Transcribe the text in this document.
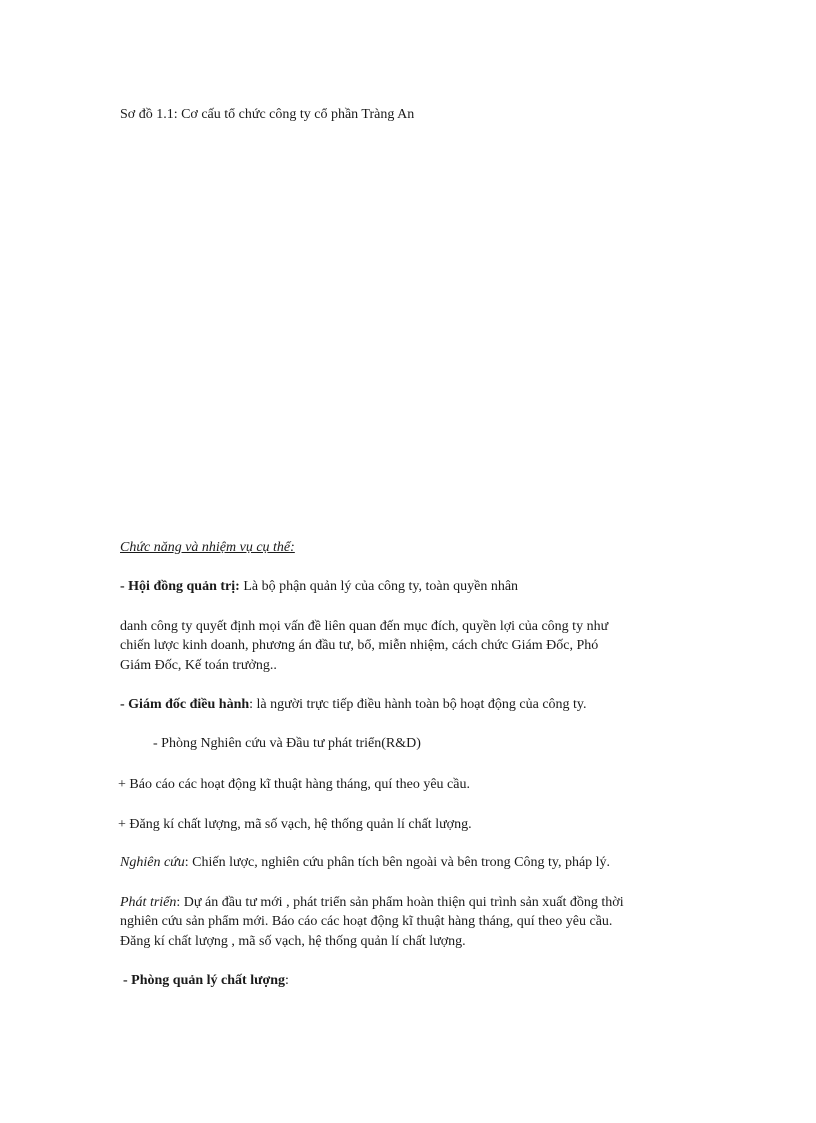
Sơ đồ 1.1: Cơ cấu tổ chức công ty cổ phần Tràng An
Chức năng và nhiệm vụ cụ thể:
- Hội đồng quản trị: Là bộ phận quản lý của công ty, toàn quyền nhân
danh công ty quyết định mọi vấn đề liên quan đến mục đích, quyền lợi của công ty như
chiến lược kinh doanh, phương án đầu tư, bổ, miễn nhiệm, cách chức Giám Đốc, Phó
Giám Đốc, Kế toán trưởng..
- Giám đốc điều hành: là người trực tiếp điều hành toàn bộ hoạt động của công ty.
- Phòng Nghiên cứu và Đầu tư phát triển(R&D)
+ Báo cáo các hoạt động kĩ thuật hàng tháng, quí theo yêu cầu.
+ Đăng kí chất lượng, mã số vạch, hệ thống quản lí chất lượng.
Nghiên cứu: Chiến lược, nghiên cứu phân tích bên ngoài và bên trong Công ty, pháp lý.
Phát triển: Dự án đầu tư mới , phát triển sản phẩm hoàn thiện qui trình sản xuất đồng thời
nghiên cứu sản phẩm mới. Báo cáo các hoạt động kĩ thuật hàng tháng, quí theo yêu cầu.
Đăng kí chất lượng , mã số vạch, hệ thống quản lí chất lượng.
- Phòng quản lý chất lượng:
